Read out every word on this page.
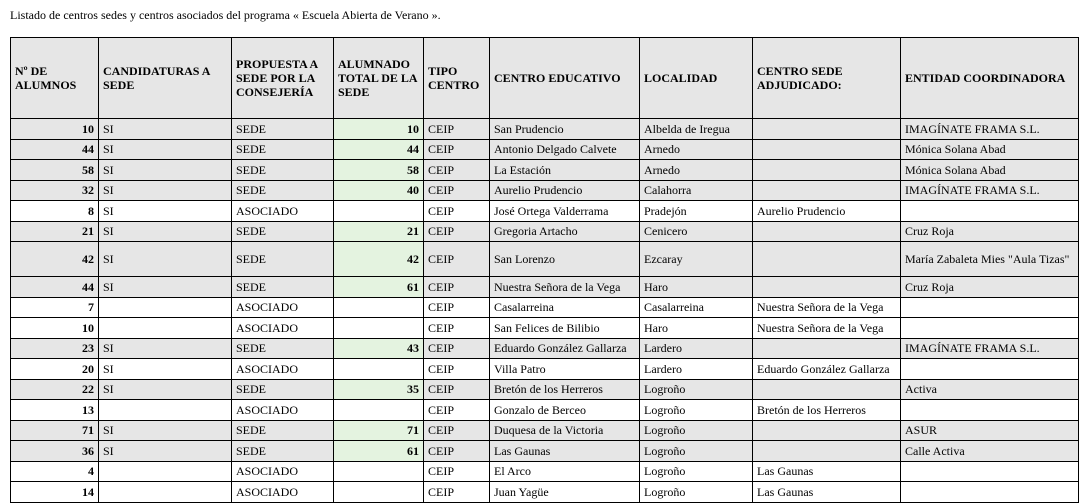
Listado de centros sedes y centros asociados del programa « Escuela Abierta de Verano ».
Nº DE ALUMNOS	CANDIDATURAS A SEDE	PROPUESTA A SEDE POR LA CONSEJERÍA	ALUMNADO TOTAL DE LA SEDE	TIPO CENTRO	CENTRO EDUCATIVO	LOCALIDAD	CENTRO SEDE ADJUDICADO:	ENTIDAD COORDINADORA
10	SI	SEDE	10	CEIP	San Prudencio	Albelda de Iregua		IMAGÍNATE FRAMA S.L.
44	SI	SEDE	44	CEIP	Antonio Delgado Calvete	Arnedo		Mónica Solana Abad
58	SI	SEDE	58	CEIP	La Estación	Arnedo		Mónica Solana Abad
32	SI	SEDE	40	CEIP	Aurelio Prudencio	Calahorra		IMAGÍNATE FRAMA S.L.
8	SI	ASOCIADO		CEIP	José Ortega Valderrama	Pradejón	Aurelio Prudencio	
21	SI	SEDE	21	CEIP	Gregoria Artacho	Cenicero		Cruz Roja
42	SI	SEDE	42	CEIP	San Lorenzo	Ezcaray		María Zabaleta Mies "Aula Tizas"
44	SI	SEDE	61	CEIP	Nuestra Señora de la Vega	Haro		Cruz Roja
7		ASOCIADO		CEIP	Casalarreina	Casalarreina	Nuestra Señora de la Vega	
10		ASOCIADO		CEIP	San Felices de Bilibio	Haro	Nuestra Señora de la Vega	
23	SI	SEDE	43	CEIP	Eduardo González Gallarza	Lardero		IMAGÍNATE FRAMA S.L.
20	SI	ASOCIADO		CEIP	Villa Patro	Lardero	Eduardo González Gallarza	
22	SI	SEDE	35	CEIP	Bretón de los Herreros	Logroño		Activa
13		ASOCIADO		CEIP	Gonzalo de Berceo	Logroño	Bretón de los Herreros	
71	SI	SEDE	71	CEIP	Duquesa de la Victoria	Logroño		ASUR
36	SI	SEDE	61	CEIP	Las Gaunas	Logroño		Calle Activa
4		ASOCIADO		CEIP	El Arco	Logroño	Las Gaunas	
14		ASOCIADO		CEIP	Juan Yagüe	Logroño	Las Gaunas	
